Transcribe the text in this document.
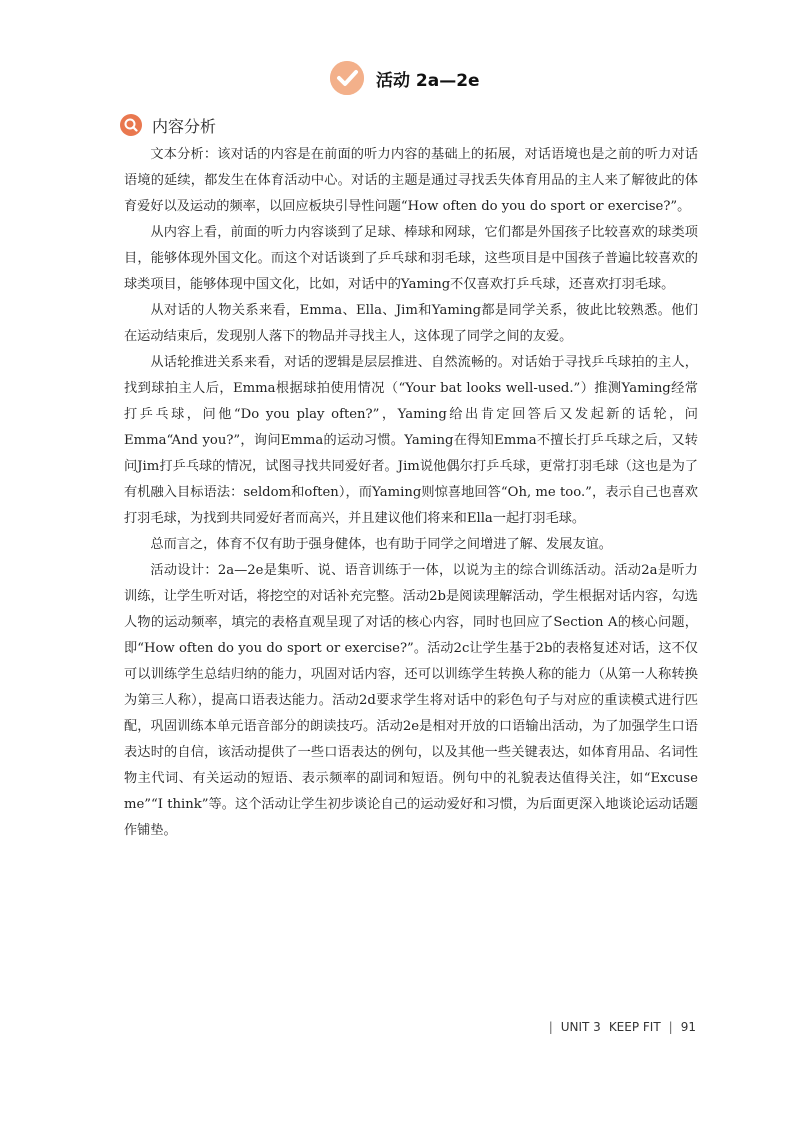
活动 2a—2e
内容分析

文本分析：该对话的内容是在前面的听力内容的基础上的拓展，对话语境也是之前的听力对话语境的延续，都发生在体育活动中心。对话的主题是通过寻找丢失体育用品的主人来了解彼此的体育爱好以及运动的频率，以回应板块引导性问题“How often do you do sport or exercise?”。

从内容上看，前面的听力内容谈到了足球、棒球和网球，它们都是外国孩子比较喜欢的球类项目，能够体现外国文化。而这个对话谈到了乒乓球和羽毛球，这些项目是中国孩子普遍比较喜欢的球类项目，能够体现中国文化，比如，对话中的Yaming不仅喜欢打乒乓球，还喜欢打羽毛球。

从对话的人物关系来看，Emma、Ella、Jim和Yaming都是同学关系，彼此比较熟悉。他们在运动结束后，发现别人落下的物品并寻找主人，这体现了同学之间的友爱。

从话轮推进关系来看，对话的逻辑是层层推进、自然流畅的。对话始于寻找乒乓球拍的主人，找到球拍主人后，Emma根据球拍使用情况（“Your bat looks well-used.”）推测Yaming经常打乒乓球，问他“Do you play often?”，Yaming给出肯定回答后又发起新的话轮，问Emma“And you?”，询问Emma的运动习惯。Yaming在得知Emma不擅长打乒乓球之后，又转问Jim打乒乓球的情况，试图寻找共同爱好者。Jim说他偶尔打乒乓球，更常打羽毛球（这也是为了有机融入目标语法：seldom和often），而Yaming则惊喜地回答“Oh, me too.”，表示自己也喜欢打羽毛球，为找到共同爱好者而高兴，并且建议他们将来和Ella一起打羽毛球。

总而言之，体育不仅有助于强身健体，也有助于同学之间增进了解、发展友谊。

活动设计：2a—2e是集听、说、语音训练于一体，以说为主的综合训练活动。活动2a是听力训练，让学生听对话，将挖空的对话补充完整。活动2b是阅读理解活动，学生根据对话内容，勾选人物的运动频率，填完的表格直观呈现了对话的核心内容，同时也回应了Section A的核心问题，即“How often do you do sport or exercise?”。活动2c让学生基于2b的表格复述对话，这不仅可以训练学生总结归纳的能力，巩固对话内容，还可以训练学生转换人称的能力（从第一人称转换为第三人称），提高口语表达能力。活动2d要求学生将对话中的彩色句子与对应的重读模式进行匹配，巩固训练本单元语音部分的朗读技巧。活动2e是相对开放的口语输出活动，为了加强学生口语表达时的自信，该活动提供了一些口语表达的例句，以及其他一些关键表达，如体育用品、名词性物主代词、有关运动的短语、表示频率的副词和短语。例句中的礼貌表达值得关注，如“Excuse me”“I think”等。这个活动让学生初步谈论自己的运动爱好和习惯，为后面更深入地谈论运动话题作铺垫。

| UNIT 3 KEEP FIT | 91
